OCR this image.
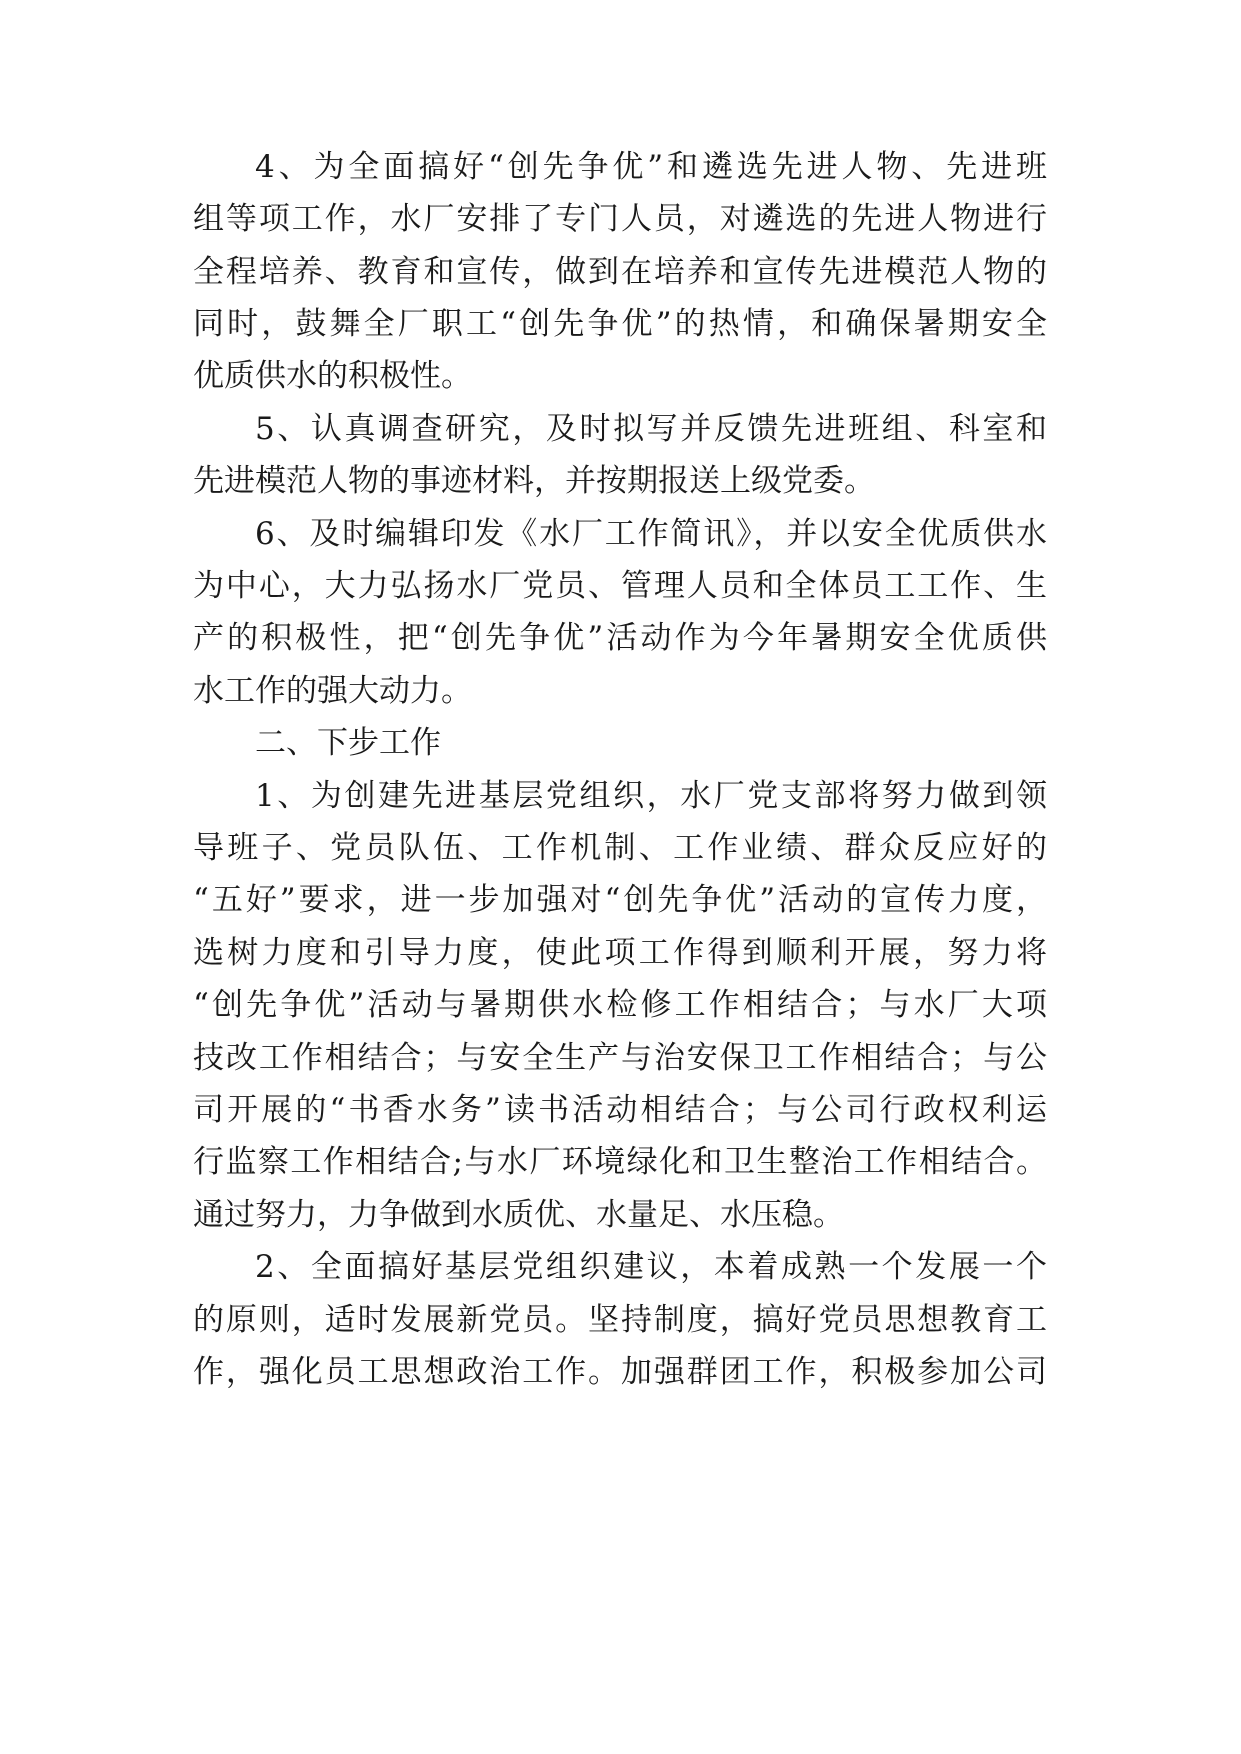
4、为全面搞好“创先争优”和遴选先进人物、先进班
组等项工作，水厂安排了专门人员，对遴选的先进人物进行
全程培养、教育和宣传，做到在培养和宣传先进模范人物的
同时，鼓舞全厂职工“创先争优”的热情，和确保暑期安全
优质供水的积极性。
5、认真调查研究，及时拟写并反馈先进班组、科室和
先进模范人物的事迹材料，并按期报送上级党委。
6、及时编辑印发《水厂工作简讯》，并以安全优质供水
为中心，大力弘扬水厂党员、管理人员和全体员工工作、生
产的积极性，把“创先争优”活动作为今年暑期安全优质供
水工作的强大动力。
二、下步工作
1、为创建先进基层党组织，水厂党支部将努力做到领
导班子、党员队伍、工作机制、工作业绩、群众反应好的
“五好”要求，进一步加强对“创先争优”活动的宣传力度，
选树力度和引导力度，使此项工作得到顺利开展，努力将
“创先争优”活动与暑期供水检修工作相结合；与水厂大项
技改工作相结合；与安全生产与治安保卫工作相结合；与公
司开展的“书香水务”读书活动相结合；与公司行政权利运
行监察工作相结合;与水厂环境绿化和卫生整治工作相结合。
通过努力，力争做到水质优、水量足、水压稳。
2、全面搞好基层党组织建议，本着成熟一个发展一个
的原则，适时发展新党员。坚持制度，搞好党员思想教育工
作，强化员工思想政治工作。加强群团工作，积极参加公司
